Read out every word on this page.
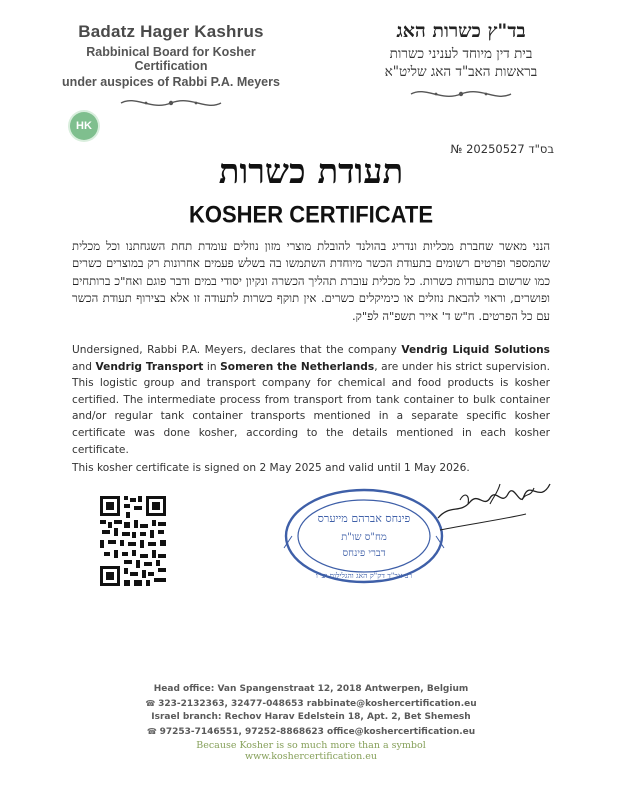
Badatz Hager Kashrus
Rabbinical Board for Kosher Certification
under auspices of Rabbi P.A. Meyers
בד"ץ כשרות האג
בית דין מיוחד לעניני כשרות
בראשות האב"ד האג שליט"א
HK
№ 20250527 בס"ד
תעודת כשרות
KOSHER CERTIFICATE
הנני מאשר שחברת מכליות ונדריג בהולנד להובלת מוצרי מזון נוזלים עומדת תחת השגחתנו וכל מכלית שהמספר ופרטים רשומים בתעודת הכשר מיוחדת השתמשו בה בשלש פעמים אחרונות רק במוצרים כשרים כמו שרשום בתעודות כשרות. כל מכלית עוברת תהליך הכשרה ונקיון יסודי במים ודבר פוגם ואח"כ ברותחים ופושרים, וראוי להבאת נוזלים או כימיקלים כשרים. אין תוקף כשרות לתעודה זו אלא בצירוף תעודת הכשר עם כל הפרטים. ח"ש ד' אייר תשפ"ה לפ"ק.
Undersigned, Rabbi P.A. Meyers, declares that the company Vendrig Liquid Solutions and Vendrig Transport in Someren the Netherlands, are under his strict supervision. This logistic group and transport company for chemical and food products is kosher certified. The intermediate process from transport from tank container to bulk container and/or regular tank container transports mentioned in a separate specific kosher certificate was done kosher, according to the details mentioned in each kosher certificate.
This kosher certificate is signed on 2 May 2025 and valid until 1 May 2026.
פינחס אברהם מייערס
מח"ס שו"ת
דברי פינחס
רב אב"ד דק"ק האג והגלילות יצ"ו
Head office: Van Spangenstraat 12, 2018 Antwerpen, Belgium
☎ 323-2132363, 32477-048653 rabbinate@koshercertification.eu
Israel branch: Rechov Harav Edelstein 18, Apt. 2, Bet Shemesh
☎ 97253-7146551, 97252-8868623 office@koshercertification.eu
Because Kosher is so much more than a symbol
www.koshercertification.eu
